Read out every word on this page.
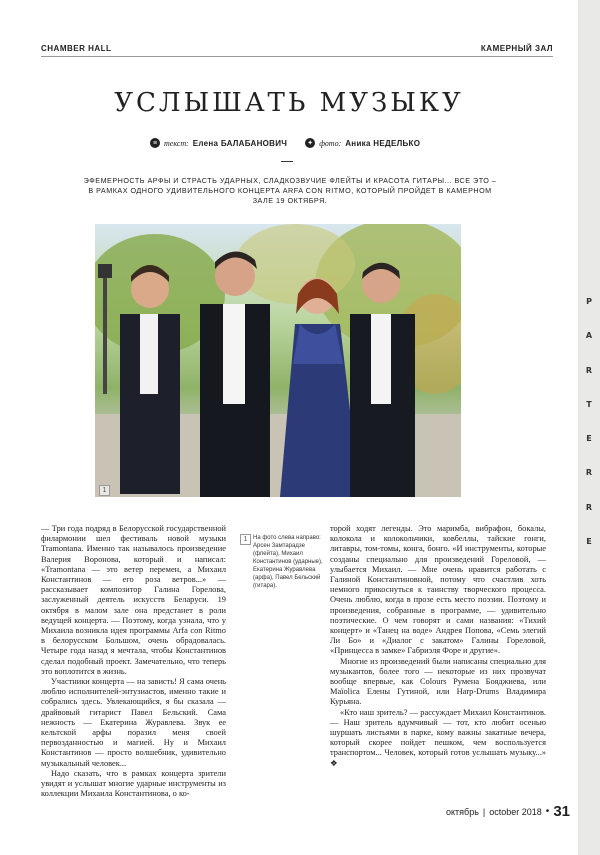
P
A
R
T
E
R
R
E
CHAMBER HALL	КАМЕРНЫЙ ЗАЛ
УСЛЫШАТЬ МУЗЫКУ
≡ текст: Елена БАЛАБАНОВИЧ	✦ фото: Аника НЕДЕЛЬКО
ЭФЕМЕРНОСТЬ АРФЫ И СТРАСТЬ УДАРНЫХ, СЛАДКОЗВУЧИЕ ФЛЕЙТЫ И КРАСОТА ГИТАРЫ... ВСЕ ЭТО – В РАМКАХ ОДНОГО УДИВИТЕЛЬНОГО КОНЦЕРТА ARFA CON RITMO, КОТОРЫЙ ПРОЙДЕТ В КАМЕРНОМ ЗАЛЕ 19 ОКТЯБРЯ.
1
1 На фото слева направо: Арсен Замтарадзе (флейта), Михаил Константинов (ударные), Екатерина Журавлева (арфа), Павел Бельский (гитара).

— Три года подряд в Белорусской государственной филармонии шел фестиваль новой музыки Tramontana. Именно так называлось произведение Валерия Воронова, который и написал: «Tramontana — это ветер перемен, а Михаил Константинов — его роза ветров...» — рассказывает композитор Галина Горелова, заслуженный деятель искусств Беларуси. 19 октября в малом зале она предстанет в роли ведущей концерта. — Поэтому, когда узнала, что у Михаила возникла идея программы Arfa con Ritmo в белорусском Большом, очень обрадовалась. Четыре года назад я мечтала, чтобы Константинов сделал подобный проект. Замечательно, что теперь это воплотится в жизнь.

Участники концерта — на зависть! Я сама очень люблю исполнителей-энтузиастов, именно такие и собрались здесь. Увлекающийся, я бы сказала — драйвовый гитарист Павел Бельский. Сама нежность — Екатерина Журавлева. Звук ее кельтской арфы поразил меня своей первозданностью и магией. Ну и Михаил Константинов — просто волшебник, удивительно музыкальный человек...

Надо сказать, что в рамках концерта зрители увидят и услышат многие ударные инструменты из коллекции Михаила Константинова, о ко-

торой ходят легенды. Это маримба, вибрафон, бокалы, колокола и колокольчики, ковбеллы, тайские гонги, литавры, том-томы, конга, бонго. «И инструменты, которые созданы специально для произведений Гореловой, — улыбается Михаил. — Мне очень нравится работать с Галиной Константиновной, потому что счастлив хоть немного прикоснуться к таинству творческого процесса. Очень люблю, когда в прозе есть место поэзии. Поэтому и произведения, собранные в программе, — удивительно поэтические. О чем говорят и сами названия: «Тихий концерт» и «Танец на воде» Андрея Попова, «Семь элегий Ли Бо» и «Диалог с закатом» Галины Гореловой, «Принцесса в замке» Габриэля Форе и другие».

Многие из произведений были написаны специально для музыкантов, более того — некоторые из них прозвучат вообще впервые, как Colours Румена Бояджиева, или Maïolica Елены Гутиной, или Harp-Drums Владимира Курьяна.

«Кто наш зритель? — рассуждает Михаил Константинов. — Наш зритель вдумчивый — тот, кто любит осенью шуршать листьями в парке, кому важны закатные вечера, который скорее пойдет пешком, чем воспользуется транспортом... Человек, который готов услышать музыку...» ❖

октябрь | october 2018 • 31
